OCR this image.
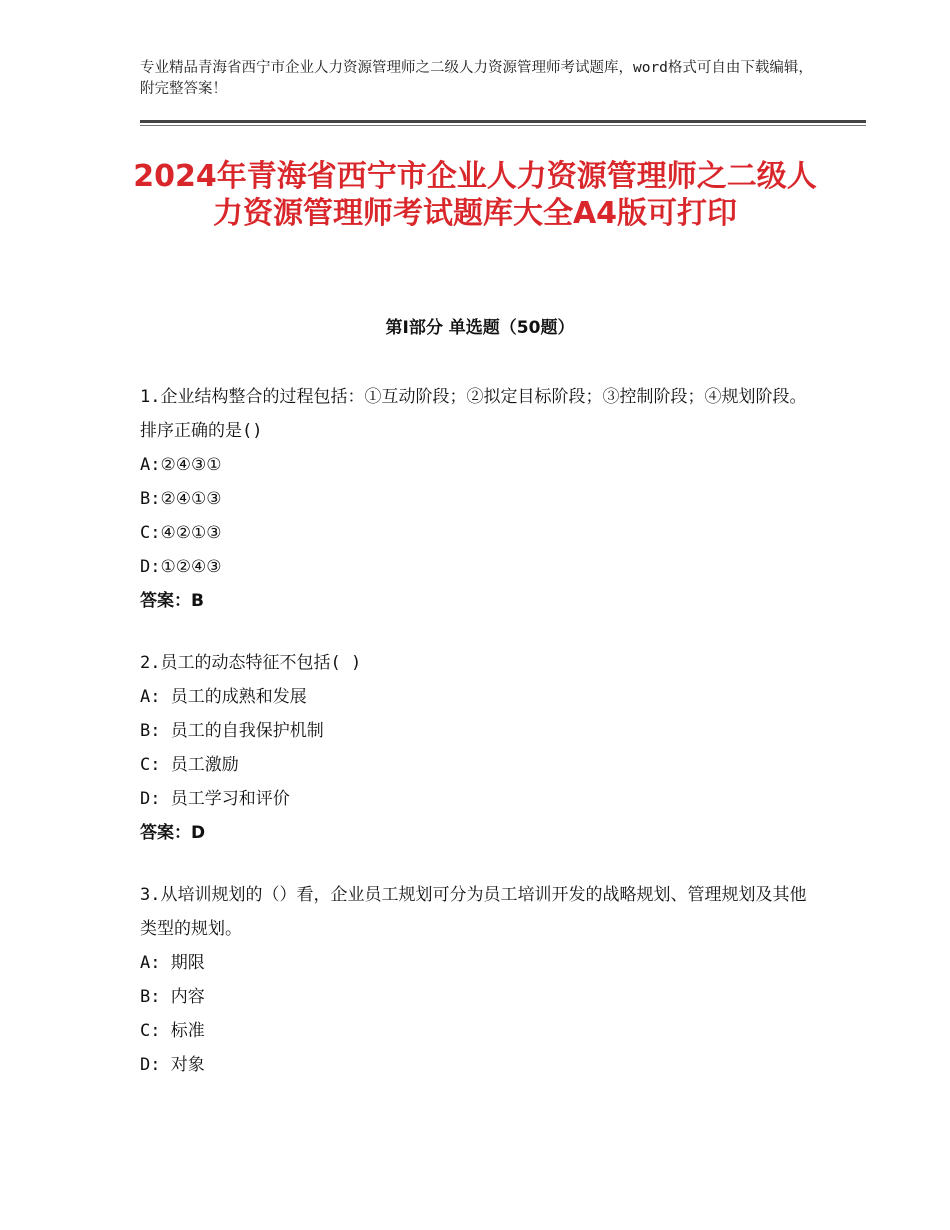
专业精品青海省西宁市企业人力资源管理师之二级人力资源管理师考试题库，word格式可自由下载编辑，附完整答案！
2024年青海省西宁市企业人力资源管理师之二级人力资源管理师考试题库大全A4版可打印
第Ⅰ部分 单选题（50题）
1.企业结构整合的过程包括：①互动阶段；②拟定目标阶段；③控制阶段；④规划阶段。排序正确的是()
A:②④③①
B:②④①③
C:④②①③
D:①②④③
答案：B
2.员工的动态特征不包括( )
A: 员工的成熟和发展
B: 员工的自我保护机制
C: 员工激励
D: 员工学习和评价
答案：D
3.从培训规划的（）看，企业员工规划可分为员工培训开发的战略规划、管理规划及其他类型的规划。
A: 期限
B: 内容
C: 标准
D: 对象
